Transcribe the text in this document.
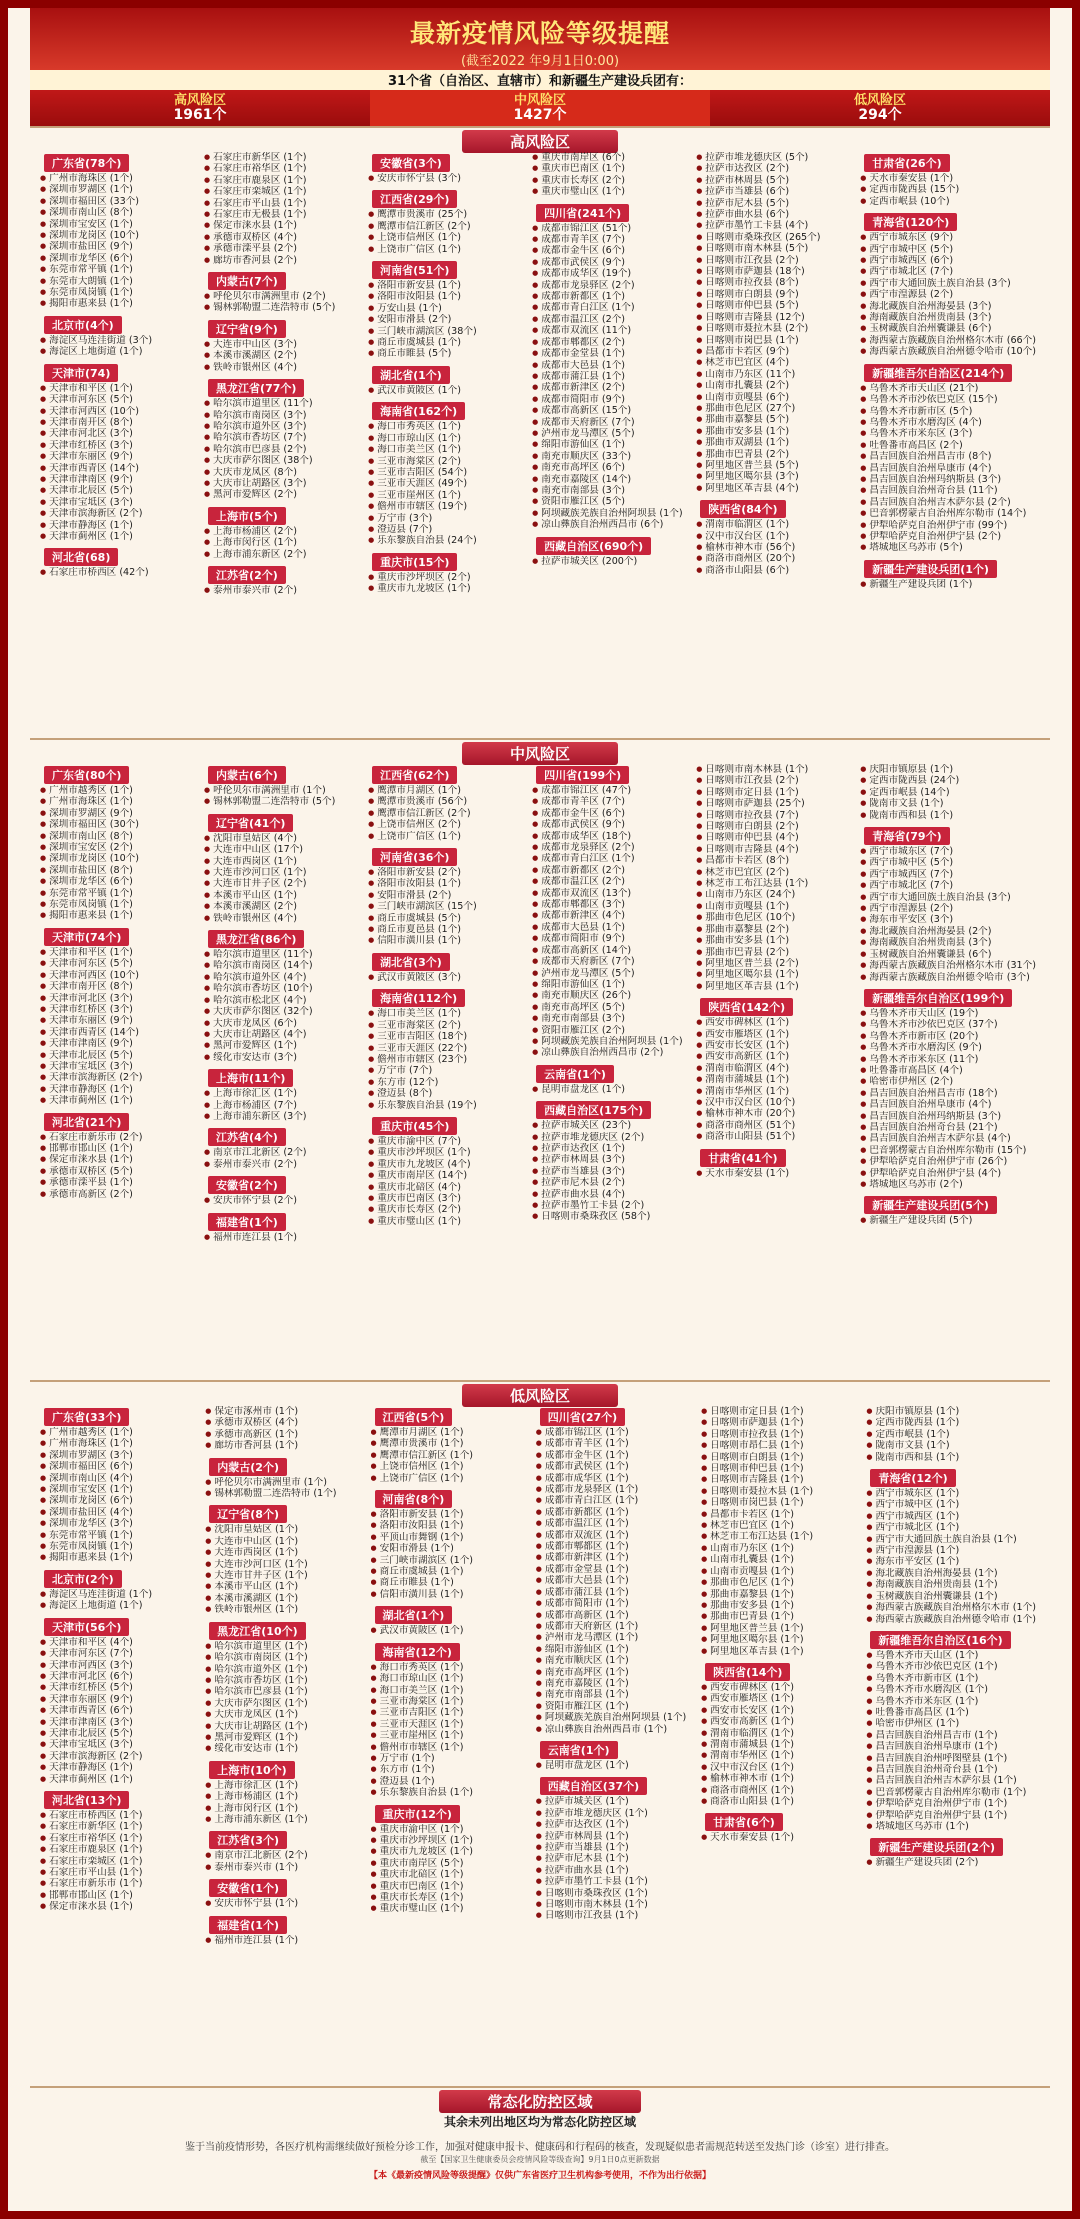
最新疫情风险等级提醒
(截至2022 年9月1日0:00)
31个省（自治区、直辖市）和新疆生产建设兵团有：
高风险区
1961个
中风险区
1427个
低风险区
294个
高风险区
广东省(78个)
● 广州市海珠区 (1个)
● 深圳市罗湖区 (1个)
● 深圳市福田区 (33个)
● 深圳市南山区 (8个)
● 深圳市宝安区 (1个)
● 深圳市龙岗区 (10个)
● 深圳市盐田区 (9个)
● 深圳市龙华区 (6个)
● 东莞市常平镇 (1个)
● 东莞市大朗镇 (1个)
● 东莞市凤岗镇 (1个)
● 揭阳市惠来县 (1个)
北京市(4个)
● 海淀区马连洼街道 (3个)
● 海淀区上地街道 (1个)
天津市(74)
● 天津市和平区 (1个)
● 天津市河东区 (5个)
● 天津市河西区 (10个)
● 天津市南开区 (8个)
● 天津市河北区 (3个)
● 天津市红桥区 (3个)
● 天津市东丽区 (9个)
● 天津市西青区 (14个)
● 天津市津南区 (9个)
● 天津市北辰区 (5个)
● 天津市宝坻区 (3个)
● 天津市滨海新区 (2个)
● 天津市静海区 (1个)
● 天津市蓟州区 (1个)
河北省(68)
● 石家庄市桥西区 (42个)
● 石家庄市新华区 (1个)
● 石家庄市裕华区 (1个)
● 石家庄市鹿泉区 (1个)
● 石家庄市栾城区 (1个)
● 石家庄市平山县 (1个)
● 石家庄市无极县 (1个)
● 保定市涞水县 (1个)
● 承德市双桥区 (4个)
● 承德市滦平县 (2个)
● 廊坊市香河县 (2个)
内蒙古(7个)
● 呼伦贝尔市满洲里市 (2个)
● 锡林郭勒盟二连浩特市 (5个)
辽宁省(9个)
● 大连市中山区 (3个)
● 本溪市溪湖区 (2个)
● 铁岭市银州区 (4个)
黑龙江省(77个)
● 哈尔滨市道里区 (11个)
● 哈尔滨市南岗区 (3个)
● 哈尔滨市道外区 (3个)
● 哈尔滨市香坊区 (7个)
● 哈尔滨市巴彦县 (2个)
● 大庆市萨尔图区 (38个)
● 大庆市龙凤区 (8个)
● 大庆市让胡路区 (3个)
● 黑河市爱辉区 (2个)
上海市(5个)
● 上海市杨浦区 (2个)
● 上海市闵行区 (1个)
● 上海市浦东新区 (2个)
江苏省(2个)
● 泰州市泰兴市 (2个)
安徽省(3个)
● 安庆市怀宁县 (3个)
江西省(29个)
● 鹰潭市贵溪市 (25个)
● 鹰潭市信江新区 (2个)
● 上饶市信州区 (1个)
● 上饶市广信区 (1个)
河南省(51个)
● 洛阳市新安县 (1个)
● 洛阳市汝阳县 (1个)
● 万安山县 (1个)
● 安阳市滑县 (2个)
● 三门峡市湖滨区 (38个)
● 商丘市虞城县 (1个)
● 商丘市睢县 (5个)
湖北省(1个)
● 武汉市黄陂区 (1个)
海南省(162个)
● 海口市秀英区 (1个)
● 海口市琼山区 (1个)
● 海口市美兰区 (1个)
● 三亚市海棠区 (2个)
● 三亚市吉阳区 (54个)
● 三亚市天涯区 (49个)
● 三亚市崖州区 (1个)
● 儋州市市辖区 (19个)
● 万宁市 (3个)
● 澄迈县 (7个)
● 乐东黎族自治县 (24个)
重庆市(15个)
● 重庆市沙坪坝区 (2个)
● 重庆市九龙坡区 (1个)
● 重庆市南岸区 (6个)
● 重庆市巴南区 (1个)
● 重庆市长寿区 (2个)
● 重庆市璧山区 (1个)
四川省(241个)
● 成都市锦江区 (51个)
● 成都市青羊区 (7个)
● 成都市金牛区 (6个)
● 成都市武侯区 (9个)
● 成都市成华区 (19个)
● 成都市龙泉驿区 (2个)
● 成都市新都区 (1个)
● 成都市青白江区 (1个)
● 成都市温江区 (2个)
● 成都市双流区 (11个)
● 成都市郫都区 (2个)
● 成都市金堂县 (1个)
● 成都市大邑县 (1个)
● 成都市蒲江县 (1个)
● 成都市新津区 (2个)
● 成都市简阳市 (9个)
● 成都市高新区 (15个)
● 成都市天府新区 (7个)
● 泸州市龙马潭区 (5个)
● 绵阳市游仙区 (1个)
● 南充市顺庆区 (33个)
● 南充市高坪区 (6个)
● 南充市嘉陵区 (14个)
● 南充市南部县 (3个)
● 资阳市雁江区 (5个)
● 阿坝藏族羌族自治州阿坝县 (1个)
● 凉山彝族自治州西昌市 (6个)
西藏自治区(690个)
● 拉萨市城关区 (200个)
● 拉萨市堆龙德庆区 (5个)
● 拉萨市达孜区 (2个)
● 拉萨市林周县 (5个)
● 拉萨市当雄县 (6个)
● 拉萨市尼木县 (5个)
● 拉萨市曲水县 (6个)
● 拉萨市墨竹工卡县 (4个)
● 日喀则市桑珠孜区 (265个)
● 日喀则市南木林县 (5个)
● 日喀则市江孜县 (2个)
● 日喀则市萨迦县 (18个)
● 日喀则市拉孜县 (8个)
● 日喀则市白朗县 (9个)
● 日喀则市仲巴县 (5个)
● 日喀则市吉隆县 (12个)
● 日喀则市聂拉木县 (2个)
● 日喀则市岗巴县 (1个)
● 昌都市卡若区 (9个)
● 林芝市巴宜区 (4个)
● 山南市乃东区 (11个)
● 山南市扎囊县 (2个)
● 山南市贡嘎县 (6个)
● 那曲市色尼区 (27个)
● 那曲市嘉黎县 (5个)
● 那曲市安多县 (1个)
● 那曲市双湖县 (1个)
● 那曲市巴青县 (2个)
● 阿里地区普兰县 (5个)
● 阿里地区噶尔县 (3个)
● 阿里地区革吉县 (4个)
陕西省(84个)
● 渭南市临渭区 (1个)
● 汉中市汉台区 (1个)
● 榆林市神木市 (56个)
● 商洛市商州区 (20个)
● 商洛市山阳县 (6个)
甘肃省(26个)
● 天水市秦安县 (1个)
● 定西市陇西县 (15个)
● 定西市岷县 (10个)
青海省(120个)
● 西宁市城东区 (9个)
● 西宁市城中区 (5个)
● 西宁市城西区 (6个)
● 西宁市城北区 (7个)
● 西宁市大通回族土族自治县 (3个)
● 西宁市湟源县 (2个)
● 海北藏族自治州海晏县 (3个)
● 海南藏族自治州贵南县 (3个)
● 玉树藏族自治州囊谦县 (6个)
● 海西蒙古族藏族自治州格尔木市 (66个)
● 海西蒙古族藏族自治州德令哈市 (10个)
新疆维吾尔自治区(214个)
● 乌鲁木齐市天山区 (21个)
● 乌鲁木齐市沙依巴克区 (15个)
● 乌鲁木齐市新市区 (5个)
● 乌鲁木齐市水磨沟区 (4个)
● 乌鲁木齐市米东区 (3个)
● 吐鲁番市高昌区 (2个)
● 昌吉回族自治州昌吉市 (8个)
● 昌吉回族自治州阜康市 (4个)
● 昌吉回族自治州玛纳斯县 (3个)
● 昌吉回族自治州奇台县 (11个)
● 昌吉回族自治州吉木萨尔县 (2个)
● 巴音郭楞蒙古自治州库尔勒市 (14个)
● 伊犁哈萨克自治州伊宁市 (99个)
● 伊犁哈萨克自治州伊宁县 (2个)
● 塔城地区乌苏市 (5个)
新疆生产建设兵团(1个)
● 新疆生产建设兵团 (1个)
中风险区
广东省(80个)
● 广州市越秀区 (1个)
● 广州市海珠区 (1个)
● 深圳市罗湖区 (9个)
● 深圳市福田区 (30个)
● 深圳市南山区 (8个)
● 深圳市宝安区 (2个)
● 深圳市龙岗区 (10个)
● 深圳市盐田区 (8个)
● 深圳市龙华区 (6个)
● 东莞市常平镇 (1个)
● 东莞市凤岗镇 (1个)
● 揭阳市惠来县 (1个)
天津市(74个)
● 天津市和平区 (1个)
● 天津市河东区 (5个)
● 天津市河西区 (10个)
● 天津市南开区 (8个)
● 天津市河北区 (3个)
● 天津市红桥区 (3个)
● 天津市东丽区 (9个)
● 天津市西青区 (14个)
● 天津市津南区 (9个)
● 天津市北辰区 (5个)
● 天津市宝坻区 (3个)
● 天津市滨海新区 (2个)
● 天津市静海区 (1个)
● 天津市蓟州区 (1个)
河北省(21个)
● 石家庄市新乐市 (2个)
● 邯郸市邯山区 (1个)
● 保定市涞水县 (1个)
● 承德市双桥区 (5个)
● 承德市滦平县 (1个)
● 承德市高新区 (2个)
内蒙古(6个)
● 呼伦贝尔市满洲里市 (1个)
● 锡林郭勒盟二连浩特市 (5个)
辽宁省(41个)
● 沈阳市皇姑区 (4个)
● 大连市中山区 (17个)
● 大连市西岗区 (1个)
● 大连市沙河口区 (1个)
● 大连市甘井子区 (2个)
● 本溪市平山区 (1个)
● 本溪市溪湖区 (2个)
● 铁岭市银州区 (4个)
黑龙江省(86个)
● 哈尔滨市道里区 (11个)
● 哈尔滨市南岗区 (14个)
● 哈尔滨市道外区 (4个)
● 哈尔滨市香坊区 (10个)
● 哈尔滨市松北区 (4个)
● 大庆市萨尔图区 (32个)
● 大庆市龙凤区 (6个)
● 大庆市让胡路区 (4个)
● 黑河市爱辉区 (1个)
● 绥化市安达市 (3个)
上海市(11个)
● 上海市徐汇区 (1个)
● 上海市杨浦区 (7个)
● 上海市浦东新区 (3个)
江苏省(4个)
● 南京市江北新区 (2个)
● 泰州市泰兴市 (2个)
安徽省(2个)
● 安庆市怀宁县 (2个)
福建省(1个)
● 福州市连江县 (1个)
江西省(62个)
● 鹰潭市月湖区 (1个)
● 鹰潭市贵溪市 (56个)
● 鹰潭市信江新区 (2个)
● 上饶市信州区 (2个)
● 上饶市广信区 (1个)
河南省(36个)
● 洛阳市新安县 (2个)
● 洛阳市汝阳县 (1个)
● 安阳市滑县 (2个)
● 三门峡市湖滨区 (15个)
● 商丘市虞城县 (5个)
● 商丘市夏邑县 (1个)
● 信阳市潢川县 (1个)
湖北省(3个)
● 武汉市黄陂区 (3个)
海南省(112个)
● 海口市美兰区 (1个)
● 三亚市海棠区 (2个)
● 三亚市吉阳区 (18个)
● 三亚市天涯区 (22个)
● 儋州市市辖区 (23个)
● 万宁市 (7个)
● 东方市 (12个)
● 澄迈县 (8个)
● 乐东黎族自治县 (19个)
重庆市(45个)
● 重庆市渝中区 (7个)
● 重庆市沙坪坝区 (1个)
● 重庆市九龙坡区 (4个)
● 重庆市南岸区 (14个)
● 重庆市北碚区 (4个)
● 重庆市巴南区 (3个)
● 重庆市长寿区 (2个)
● 重庆市璧山区 (1个)
四川省(199个)
● 成都市锦江区 (47个)
● 成都市青羊区 (7个)
● 成都市金牛区 (6个)
● 成都市武侯区 (9个)
● 成都市成华区 (18个)
● 成都市龙泉驿区 (2个)
● 成都市青白江区 (1个)
● 成都市新都区 (2个)
● 成都市温江区 (2个)
● 成都市双流区 (13个)
● 成都市郫都区 (3个)
● 成都市新津区 (4个)
● 成都市大邑县 (1个)
● 成都市简阳市 (9个)
● 成都市高新区 (14个)
● 成都市天府新区 (7个)
● 泸州市龙马潭区 (5个)
● 绵阳市游仙区 (1个)
● 南充市顺庆区 (26个)
● 南充市高坪区 (5个)
● 南充市南部县 (3个)
● 资阳市雁江区 (2个)
● 阿坝藏族羌族自治州阿坝县 (1个)
● 凉山彝族自治州西昌市 (2个)
云南省(1个)
● 昆明市盘龙区 (1个)
西藏自治区(175个)
● 拉萨市城关区 (23个)
● 拉萨市堆龙德庆区 (2个)
● 拉萨市达孜区 (1个)
● 拉萨市林周县 (3个)
● 拉萨市当雄县 (3个)
● 拉萨市尼木县 (2个)
● 拉萨市曲水县 (4个)
● 拉萨市墨竹工卡县 (2个)
● 日喀则市桑珠孜区 (58个)
● 日喀则市南木林县 (1个)
● 日喀则市江孜县 (2个)
● 日喀则市定日县 (1个)
● 日喀则市萨迦县 (25个)
● 日喀则市拉孜县 (7个)
● 日喀则市白朗县 (2个)
● 日喀则市仲巴县 (4个)
● 日喀则市吉隆县 (4个)
● 昌都市卡若区 (8个)
● 林芝市巴宜区 (2个)
● 林芝市工布江达县 (1个)
● 山南市乃东区 (24个)
● 山南市贡嘎县 (1个)
● 那曲市色尼区 (10个)
● 那曲市嘉黎县 (2个)
● 那曲市安多县 (1个)
● 那曲市巴青县 (2个)
● 阿里地区普兰县 (2个)
● 阿里地区噶尔县 (1个)
● 阿里地区革吉县 (1个)
陕西省(142个)
● 西安市碑林区 (1个)
● 西安市雁塔区 (1个)
● 西安市长安区 (1个)
● 西安市高新区 (1个)
● 渭南市临渭区 (4个)
● 渭南市蒲城县 (1个)
● 渭南市华州区 (1个)
● 汉中市汉台区 (10个)
● 榆林市神木市 (20个)
● 商洛市商州区 (51个)
● 商洛市山阳县 (51个)
甘肃省(41个)
● 天水市秦安县 (1个)
● 庆阳市镇原县 (1个)
● 定西市陇西县 (24个)
● 定西市岷县 (14个)
● 陇南市文县 (1个)
● 陇南市西和县 (1个)
青海省(79个)
● 西宁市城东区 (7个)
● 西宁市城中区 (5个)
● 西宁市城西区 (7个)
● 西宁市城北区 (7个)
● 西宁市大通回族土族自治县 (3个)
● 西宁市湟源县 (2个)
● 海东市平安区 (3个)
● 海北藏族自治州海晏县 (2个)
● 海南藏族自治州贵南县 (3个)
● 玉树藏族自治州囊谦县 (6个)
● 海西蒙古族藏族自治州格尔木市 (31个)
● 海西蒙古族藏族自治州德令哈市 (3个)
新疆维吾尔自治区(199个)
● 乌鲁木齐市天山区 (19个)
● 乌鲁木齐市沙依巴克区 (37个)
● 乌鲁木齐市新市区 (20个)
● 乌鲁木齐市水磨沟区 (9个)
● 乌鲁木齐市米东区 (11个)
● 吐鲁番市高昌区 (4个)
● 哈密市伊州区 (2个)
● 昌吉回族自治州昌吉市 (18个)
● 昌吉回族自治州阜康市 (4个)
● 昌吉回族自治州玛纳斯县 (3个)
● 昌吉回族自治州奇台县 (21个)
● 昌吉回族自治州吉木萨尔县 (4个)
● 巴音郭楞蒙古自治州库尔勒市 (15个)
● 伊犁哈萨克自治州伊宁市 (26个)
● 伊犁哈萨克自治州伊宁县 (4个)
● 塔城地区乌苏市 (2个)
新疆生产建设兵团(5个)
● 新疆生产建设兵团 (5个)
低风险区
广东省(33个)
● 广州市越秀区 (1个)
● 广州市海珠区 (1个)
● 深圳市罗湖区 (3个)
● 深圳市福田区 (6个)
● 深圳市南山区 (4个)
● 深圳市宝安区 (1个)
● 深圳市龙岗区 (6个)
● 深圳市盐田区 (4个)
● 深圳市龙华区 (3个)
● 东莞市常平镇 (1个)
● 东莞市凤岗镇 (1个)
● 揭阳市惠来县 (1个)
北京市(2个)
● 海淀区马连洼街道 (1个)
● 海淀区上地街道 (1个)
天津市(56个)
● 天津市和平区 (4个)
● 天津市河东区 (7个)
● 天津市河西区 (3个)
● 天津市河北区 (6个)
● 天津市红桥区 (5个)
● 天津市东丽区 (9个)
● 天津市西青区 (6个)
● 天津市津南区 (3个)
● 天津市北辰区 (5个)
● 天津市宝坻区 (3个)
● 天津市滨海新区 (2个)
● 天津市静海区 (1个)
● 天津市蓟州区 (1个)
河北省(13个)
● 石家庄市桥西区 (1个)
● 石家庄市新华区 (1个)
● 石家庄市裕华区 (1个)
● 石家庄市鹿泉区 (1个)
● 石家庄市栾城区 (1个)
● 石家庄市平山县 (1个)
● 石家庄市新乐市 (1个)
● 邯郸市邯山区 (1个)
● 保定市涞水县 (1个)
● 保定市涿州市 (1个)
● 承德市双桥区 (4个)
● 承德市高新区 (1个)
● 廊坊市香河县 (1个)
内蒙古(2个)
● 呼伦贝尔市满洲里市 (1个)
● 锡林郭勒盟二连浩特市 (1个)
辽宁省(8个)
● 沈阳市皇姑区 (1个)
● 大连市中山区 (1个)
● 大连市西岗区 (1个)
● 大连市沙河口区 (1个)
● 大连市甘井子区 (1个)
● 本溪市平山区 (1个)
● 本溪市溪湖区 (1个)
● 铁岭市银州区 (1个)
黑龙江省(10个)
● 哈尔滨市道里区 (1个)
● 哈尔滨市南岗区 (1个)
● 哈尔滨市道外区 (1个)
● 哈尔滨市香坊区 (1个)
● 哈尔滨市巴彦县 (1个)
● 大庆市萨尔图区 (1个)
● 大庆市龙凤区 (1个)
● 大庆市让胡路区 (1个)
● 黑河市爱辉区 (1个)
● 绥化市安达市 (1个)
上海市(10个)
● 上海市徐汇区 (1个)
● 上海市杨浦区 (1个)
● 上海市闵行区 (1个)
● 上海市浦东新区 (1个)
江苏省(3个)
● 南京市江北新区 (2个)
● 泰州市泰兴市 (1个)
安徽省(1个)
● 安庆市怀宁县 (1个)
福建省(1个)
● 福州市连江县 (1个)
江西省(5个)
● 鹰潭市月湖区 (1个)
● 鹰潭市贵溪市 (1个)
● 鹰潭市信江新区 (1个)
● 上饶市信州区 (1个)
● 上饶市广信区 (1个)
河南省(8个)
● 洛阳市新安县 (1个)
● 洛阳市汝阳县 (1个)
● 平顶山市舞钢 (1个)
● 安阳市滑县 (1个)
● 三门峡市湖滨区 (1个)
● 商丘市虞城县 (1个)
● 商丘市睢县 (1个)
● 信阳市潢川县 (1个)
湖北省(1个)
● 武汉市黄陂区 (1个)
海南省(12个)
● 海口市秀英区 (1个)
● 海口市琼山区 (1个)
● 海口市美兰区 (1个)
● 三亚市海棠区 (1个)
● 三亚市吉阳区 (1个)
● 三亚市天涯区 (1个)
● 三亚市崖州区 (1个)
● 儋州市市辖区 (1个)
● 万宁市 (1个)
● 东方市 (1个)
● 澄迈县 (1个)
● 乐东黎族自治县 (1个)
重庆市(12个)
● 重庆市渝中区 (1个)
● 重庆市沙坪坝区 (1个)
● 重庆市九龙坡区 (1个)
● 重庆市南岸区 (5个)
● 重庆市北碚区 (1个)
● 重庆市巴南区 (1个)
● 重庆市长寿区 (1个)
● 重庆市璧山区 (1个)
四川省(27个)
● 成都市锦江区 (1个)
● 成都市青羊区 (1个)
● 成都市金牛区 (1个)
● 成都市武侯区 (1个)
● 成都市成华区 (1个)
● 成都市龙泉驿区 (1个)
● 成都市青白江区 (1个)
● 成都市新都区 (1个)
● 成都市温江区 (1个)
● 成都市双流区 (1个)
● 成都市郫都区 (1个)
● 成都市新津区 (1个)
● 成都市金堂县 (1个)
● 成都市大邑县 (1个)
● 成都市蒲江县 (1个)
● 成都市简阳市 (1个)
● 成都市高新区 (1个)
● 成都市天府新区 (1个)
● 泸州市龙马潭区 (1个)
● 绵阳市游仙区 (1个)
● 南充市顺庆区 (1个)
● 南充市高坪区 (1个)
● 南充市嘉陵区 (1个)
● 南充市南部县 (1个)
● 资阳市雁江区 (1个)
● 阿坝藏族羌族自治州阿坝县 (1个)
● 凉山彝族自治州西昌市 (1个)
云南省(1个)
● 昆明市盘龙区 (1个)
西藏自治区(37个)
● 拉萨市城关区 (1个)
● 拉萨市堆龙德庆区 (1个)
● 拉萨市达孜区 (1个)
● 拉萨市林周县 (1个)
● 拉萨市当雄县 (1个)
● 拉萨市尼木县 (1个)
● 拉萨市曲水县 (1个)
● 拉萨市墨竹工卡县 (1个)
● 日喀则市桑珠孜区 (1个)
● 日喀则市南木林县 (1个)
● 日喀则市江孜县 (1个)
● 日喀则市定日县 (1个)
● 日喀则市萨迦县 (1个)
● 日喀则市拉孜县 (1个)
● 日喀则市昂仁县 (1个)
● 日喀则市白朗县 (1个)
● 日喀则市仲巴县 (1个)
● 日喀则市吉隆县 (1个)
● 日喀则市聂拉木县 (1个)
● 日喀则市岗巴县 (1个)
● 昌都市卡若区 (1个)
● 林芝市巴宜区 (1个)
● 林芝市工布江达县 (1个)
● 山南市乃东区 (1个)
● 山南市扎囊县 (1个)
● 山南市贡嘎县 (1个)
● 那曲市色尼区 (1个)
● 那曲市嘉黎县 (1个)
● 那曲市安多县 (1个)
● 那曲市巴青县 (1个)
● 阿里地区普兰县 (1个)
● 阿里地区噶尔县 (1个)
● 阿里地区革吉县 (1个)
陕西省(14个)
● 西安市碑林区 (1个)
● 西安市雁塔区 (1个)
● 西安市长安区 (1个)
● 西安市高新区 (1个)
● 渭南市临渭区 (1个)
● 渭南市蒲城县 (1个)
● 渭南市华州区 (1个)
● 汉中市汉台区 (1个)
● 榆林市神木市 (1个)
● 商洛市商州区 (1个)
● 商洛市山阳县 (1个)
甘肃省(6个)
● 天水市秦安县 (1个)
● 庆阳市镇原县 (1个)
● 定西市陇西县 (1个)
● 定西市岷县 (1个)
● 陇南市文县 (1个)
● 陇南市西和县 (1个)
青海省(12个)
● 西宁市城东区 (1个)
● 西宁市城中区 (1个)
● 西宁市城西区 (1个)
● 西宁市城北区 (1个)
● 西宁市大通回族土族自治县 (1个)
● 西宁市湟源县 (1个)
● 海东市平安区 (1个)
● 海北藏族自治州海晏县 (1个)
● 海南藏族自治州贵南县 (1个)
● 玉树藏族自治州囊谦县 (1个)
● 海西蒙古族藏族自治州格尔木市 (1个)
● 海西蒙古族藏族自治州德令哈市 (1个)
新疆维吾尔自治区(16个)
● 乌鲁木齐市天山区 (1个)
● 乌鲁木齐市沙依巴克区 (1个)
● 乌鲁木齐市新市区 (1个)
● 乌鲁木齐市水磨沟区 (1个)
● 乌鲁木齐市米东区 (1个)
● 吐鲁番市高昌区 (1个)
● 哈密市伊州区 (1个)
● 昌吉回族自治州昌吉市 (1个)
● 昌吉回族自治州阜康市 (1个)
● 昌吉回族自治州呼图壁县 (1个)
● 昌吉回族自治州奇台县 (1个)
● 昌吉回族自治州吉木萨尔县 (1个)
● 巴音郭楞蒙古自治州库尔勒市 (1个)
● 伊犁哈萨克自治州伊宁市 (1个)
● 伊犁哈萨克自治州伊宁县 (1个)
● 塔城地区乌苏市 (1个)
新疆生产建设兵团(2个)
● 新疆生产建设兵团 (2个)
常态化防控区域
其余未列出地区均为常态化防控区域
鉴于当前疫情形势，各医疗机构需继续做好预检分诊工作，加强对健康申报卡、健康码和行程码的核查，发现疑似患者需规范转送至发热门诊（诊室）进行排查。
截至【国家卫生健康委员会疫情风险等级查询】9月1日0点更新数据
【本《最新疫情风险等级提醒》仅供广东省医疗卫生机构参考使用，不作为出行依据】
